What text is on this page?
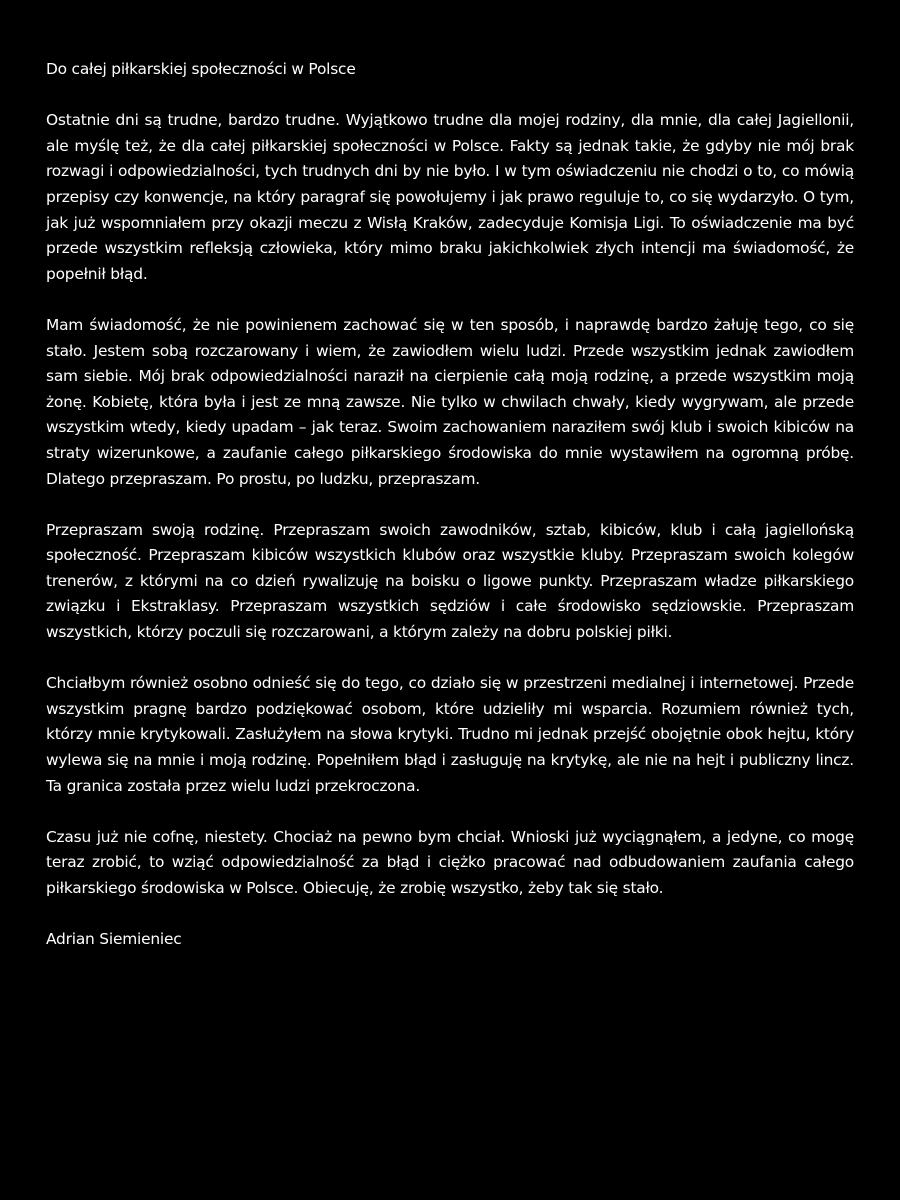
Do całej piłkarskiej społeczności w Polsce

Ostatnie dni są trudne, bardzo trudne. Wyjątkowo trudne dla mojej rodziny, dla mnie, dla całej Jagiellonii, ale myślę też, że dla całej piłkarskiej społeczności w Polsce. Fakty są jednak takie, że gdyby nie mój brak rozwagi i odpowiedzialności, tych trudnych dni by nie było. I w tym oświadczeniu nie chodzi o to, co mówią przepisy czy konwencje, na który paragraf się powołujemy i jak prawo reguluje to, co się wydarzyło. O tym, jak już wspomniałem przy okazji meczu z Wisłą Kraków, zadecyduje Komisja Ligi. To oświadczenie ma być przede wszystkim refleksją człowieka, który mimo braku jakichkolwiek złych intencji ma świadomość, że popełnił błąd.

Mam świadomość, że nie powinienem zachować się w ten sposób, i naprawdę bardzo żałuję tego, co się stało. Jestem sobą rozczarowany i wiem, że zawiodłem wielu ludzi. Przede wszystkim jednak zawiodłem sam siebie. Mój brak odpowiedzialności naraził na cierpienie całą moją rodzinę, a przede wszystkim moją żonę. Kobietę, która była i jest ze mną zawsze. Nie tylko w chwilach chwały, kiedy wygrywam, ale przede wszystkim wtedy, kiedy upadam – jak teraz. Swoim zachowaniem naraziłem swój klub i swoich kibiców na straty wizerunkowe, a zaufanie całego piłkarskiego środowiska do mnie wystawiłem na ogromną próbę. Dlatego przepraszam. Po prostu, po ludzku, przepraszam.

Przepraszam swoją rodzinę. Przepraszam swoich zawodników, sztab, kibiców, klub i całą jagiellońską społeczność. Przepraszam kibiców wszystkich klubów oraz wszystkie kluby. Przepraszam swoich kolegów trenerów, z którymi na co dzień rywalizuję na boisku o ligowe punkty. Przepraszam władze piłkarskiego związku i Ekstraklasy. Przepraszam wszystkich sędziów i całe środowisko sędziowskie. Przepraszam wszystkich, którzy poczuli się rozczarowani, a którym zależy na dobru polskiej piłki.

Chciałbym również osobno odnieść się do tego, co działo się w przestrzeni medialnej i internetowej. Przede wszystkim pragnę bardzo podziękować osobom, które udzieliły mi wsparcia. Rozumiem również tych, którzy mnie krytykowali. Zasłużyłem na słowa krytyki. Trudno mi jednak przejść obojętnie obok hejtu, który wylewa się na mnie i moją rodzinę. Popełniłem błąd i zasługuję na krytykę, ale nie na hejt i publiczny lincz. Ta granica została przez wielu ludzi przekroczona.

Czasu już nie cofnę, niestety. Chociaż na pewno bym chciał. Wnioski już wyciągnąłem, a jedyne, co mogę teraz zrobić, to wziąć odpowiedzialność za błąd i ciężko pracować nad odbudowaniem zaufania całego piłkarskiego środowiska w Polsce. Obiecuję, że zrobię wszystko, żeby tak się stało.

Adrian Siemieniec
